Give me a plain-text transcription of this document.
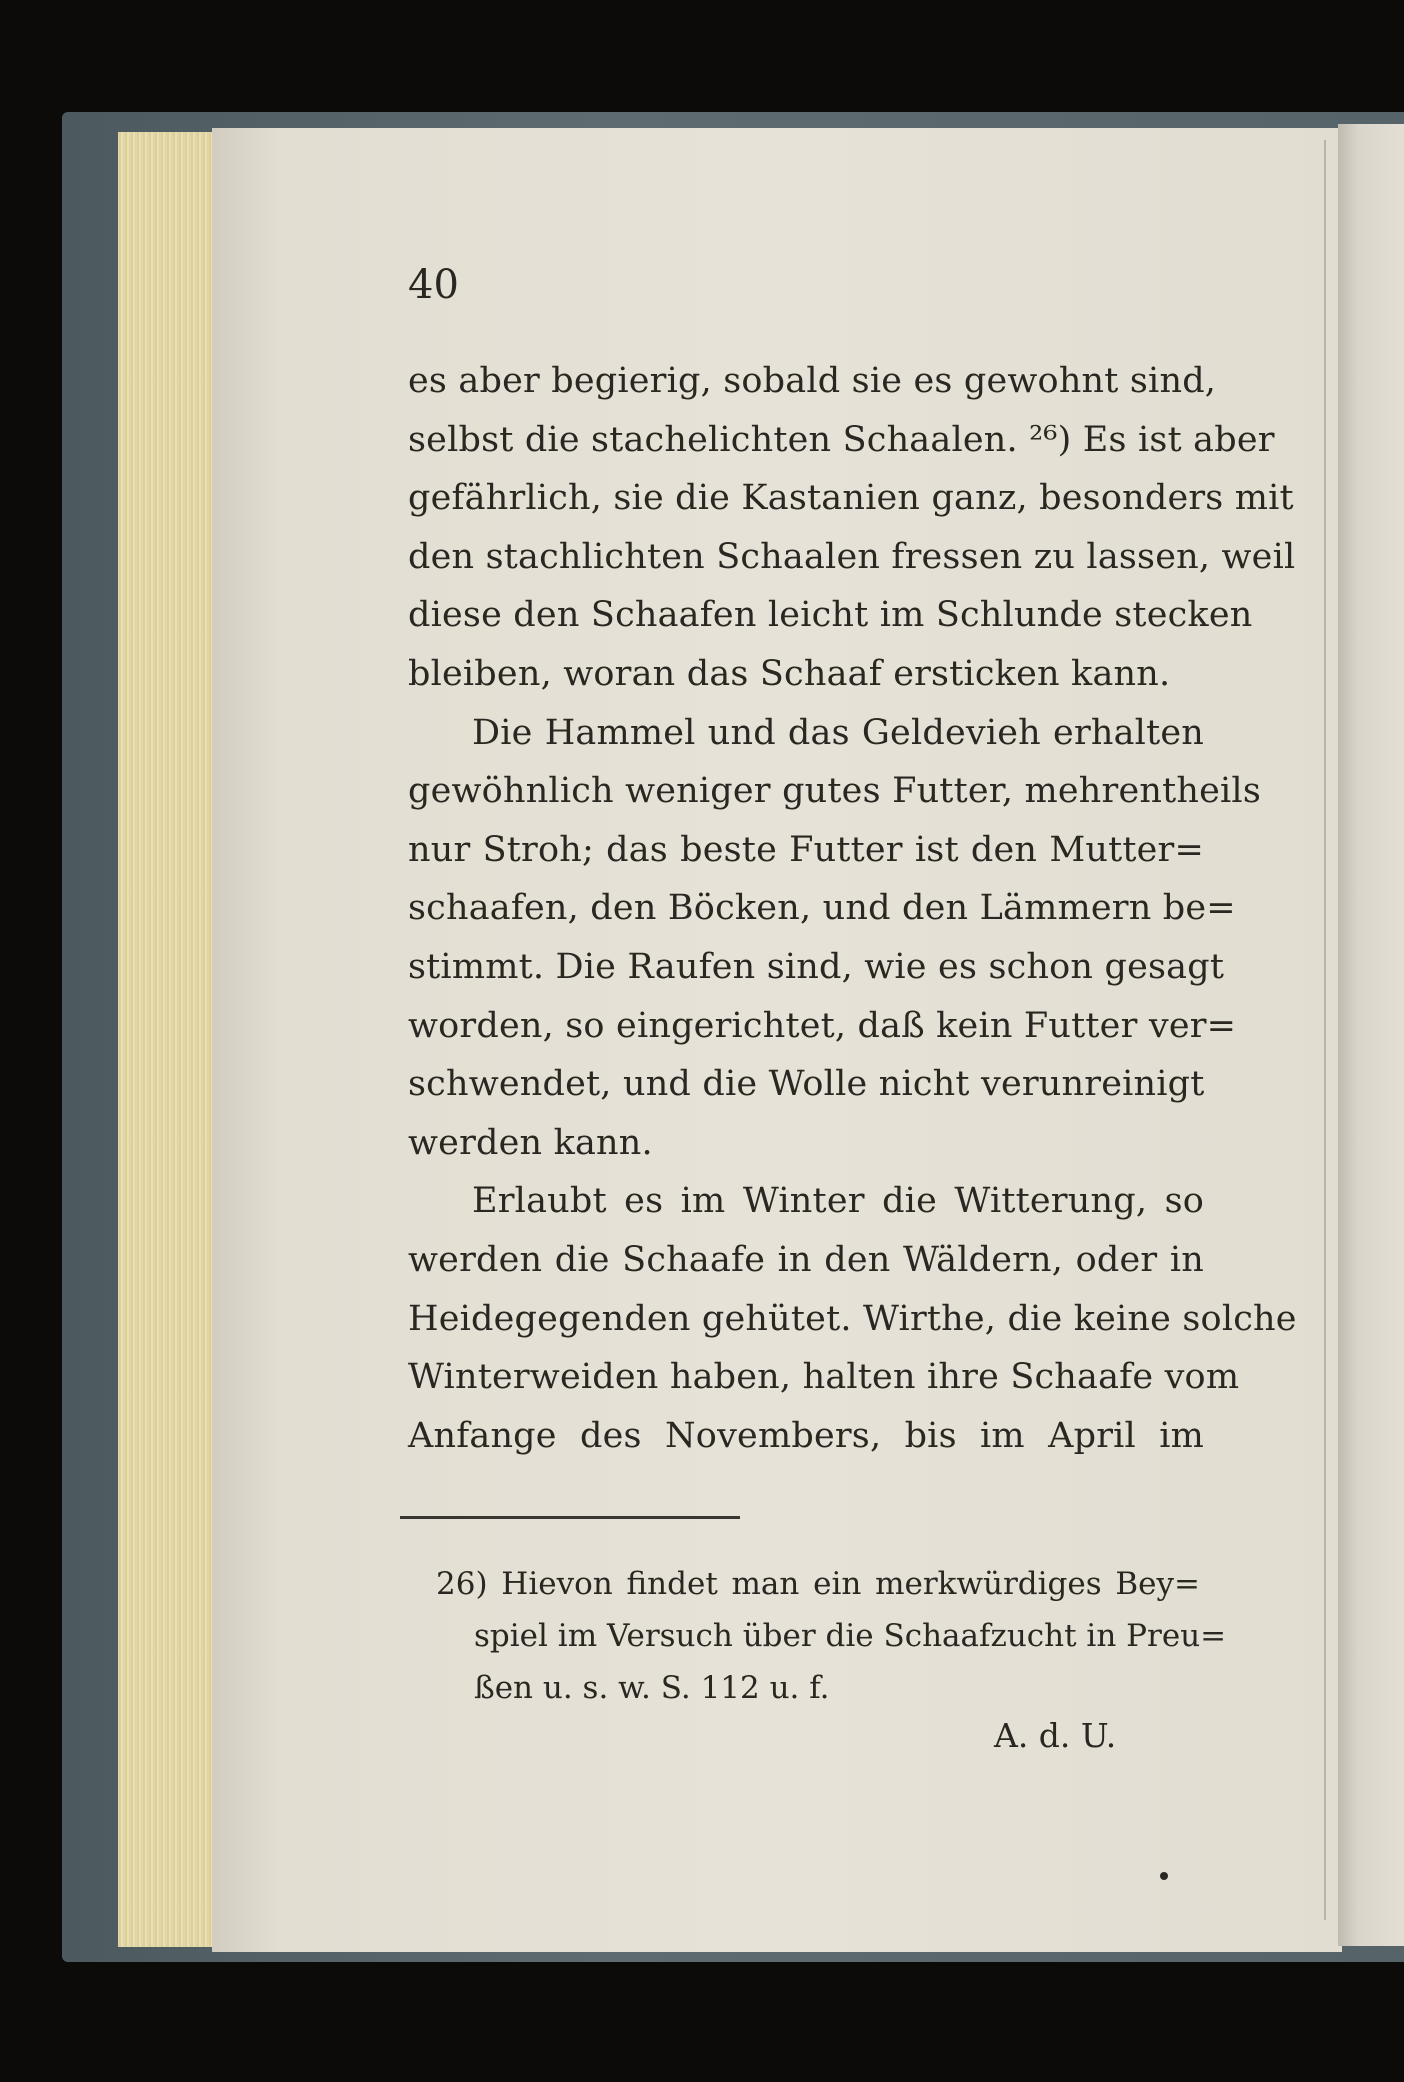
40
es aber begierig, sobald sie es gewohnt sind,
selbst die stachelichten Schaalen. ²⁶) Es ist aber
gefährlich, sie die Kastanien ganz, besonders mit
den stachlichten Schaalen fressen zu lassen, weil
diese den Schaafen leicht im Schlunde stecken
bleiben, woran das Schaaf ersticken kann.
Die Hammel und das Geldevieh erhalten
gewöhnlich weniger gutes Futter, mehrentheils
nur Stroh; das beste Futter ist den Mutter=
schaafen, den Böcken, und den Lämmern be=
stimmt. Die Raufen sind, wie es schon gesagt
worden, so eingerichtet, daß kein Futter ver=
schwendet, und die Wolle nicht verunreinigt
werden kann.
Erlaubt es im Winter die Witterung, so
werden die Schaafe in den Wäldern, oder in
Heidegegenden gehütet. Wirthe, die keine solche
Winterweiden haben, halten ihre Schaafe vom
Anfange des Novembers, bis im April im
26) Hievon findet man ein merkwürdiges Bey=
spiel im Versuch über die Schaafzucht in Preu=
ßen u. s. w. S. 112 u. f.
A. d. U.
